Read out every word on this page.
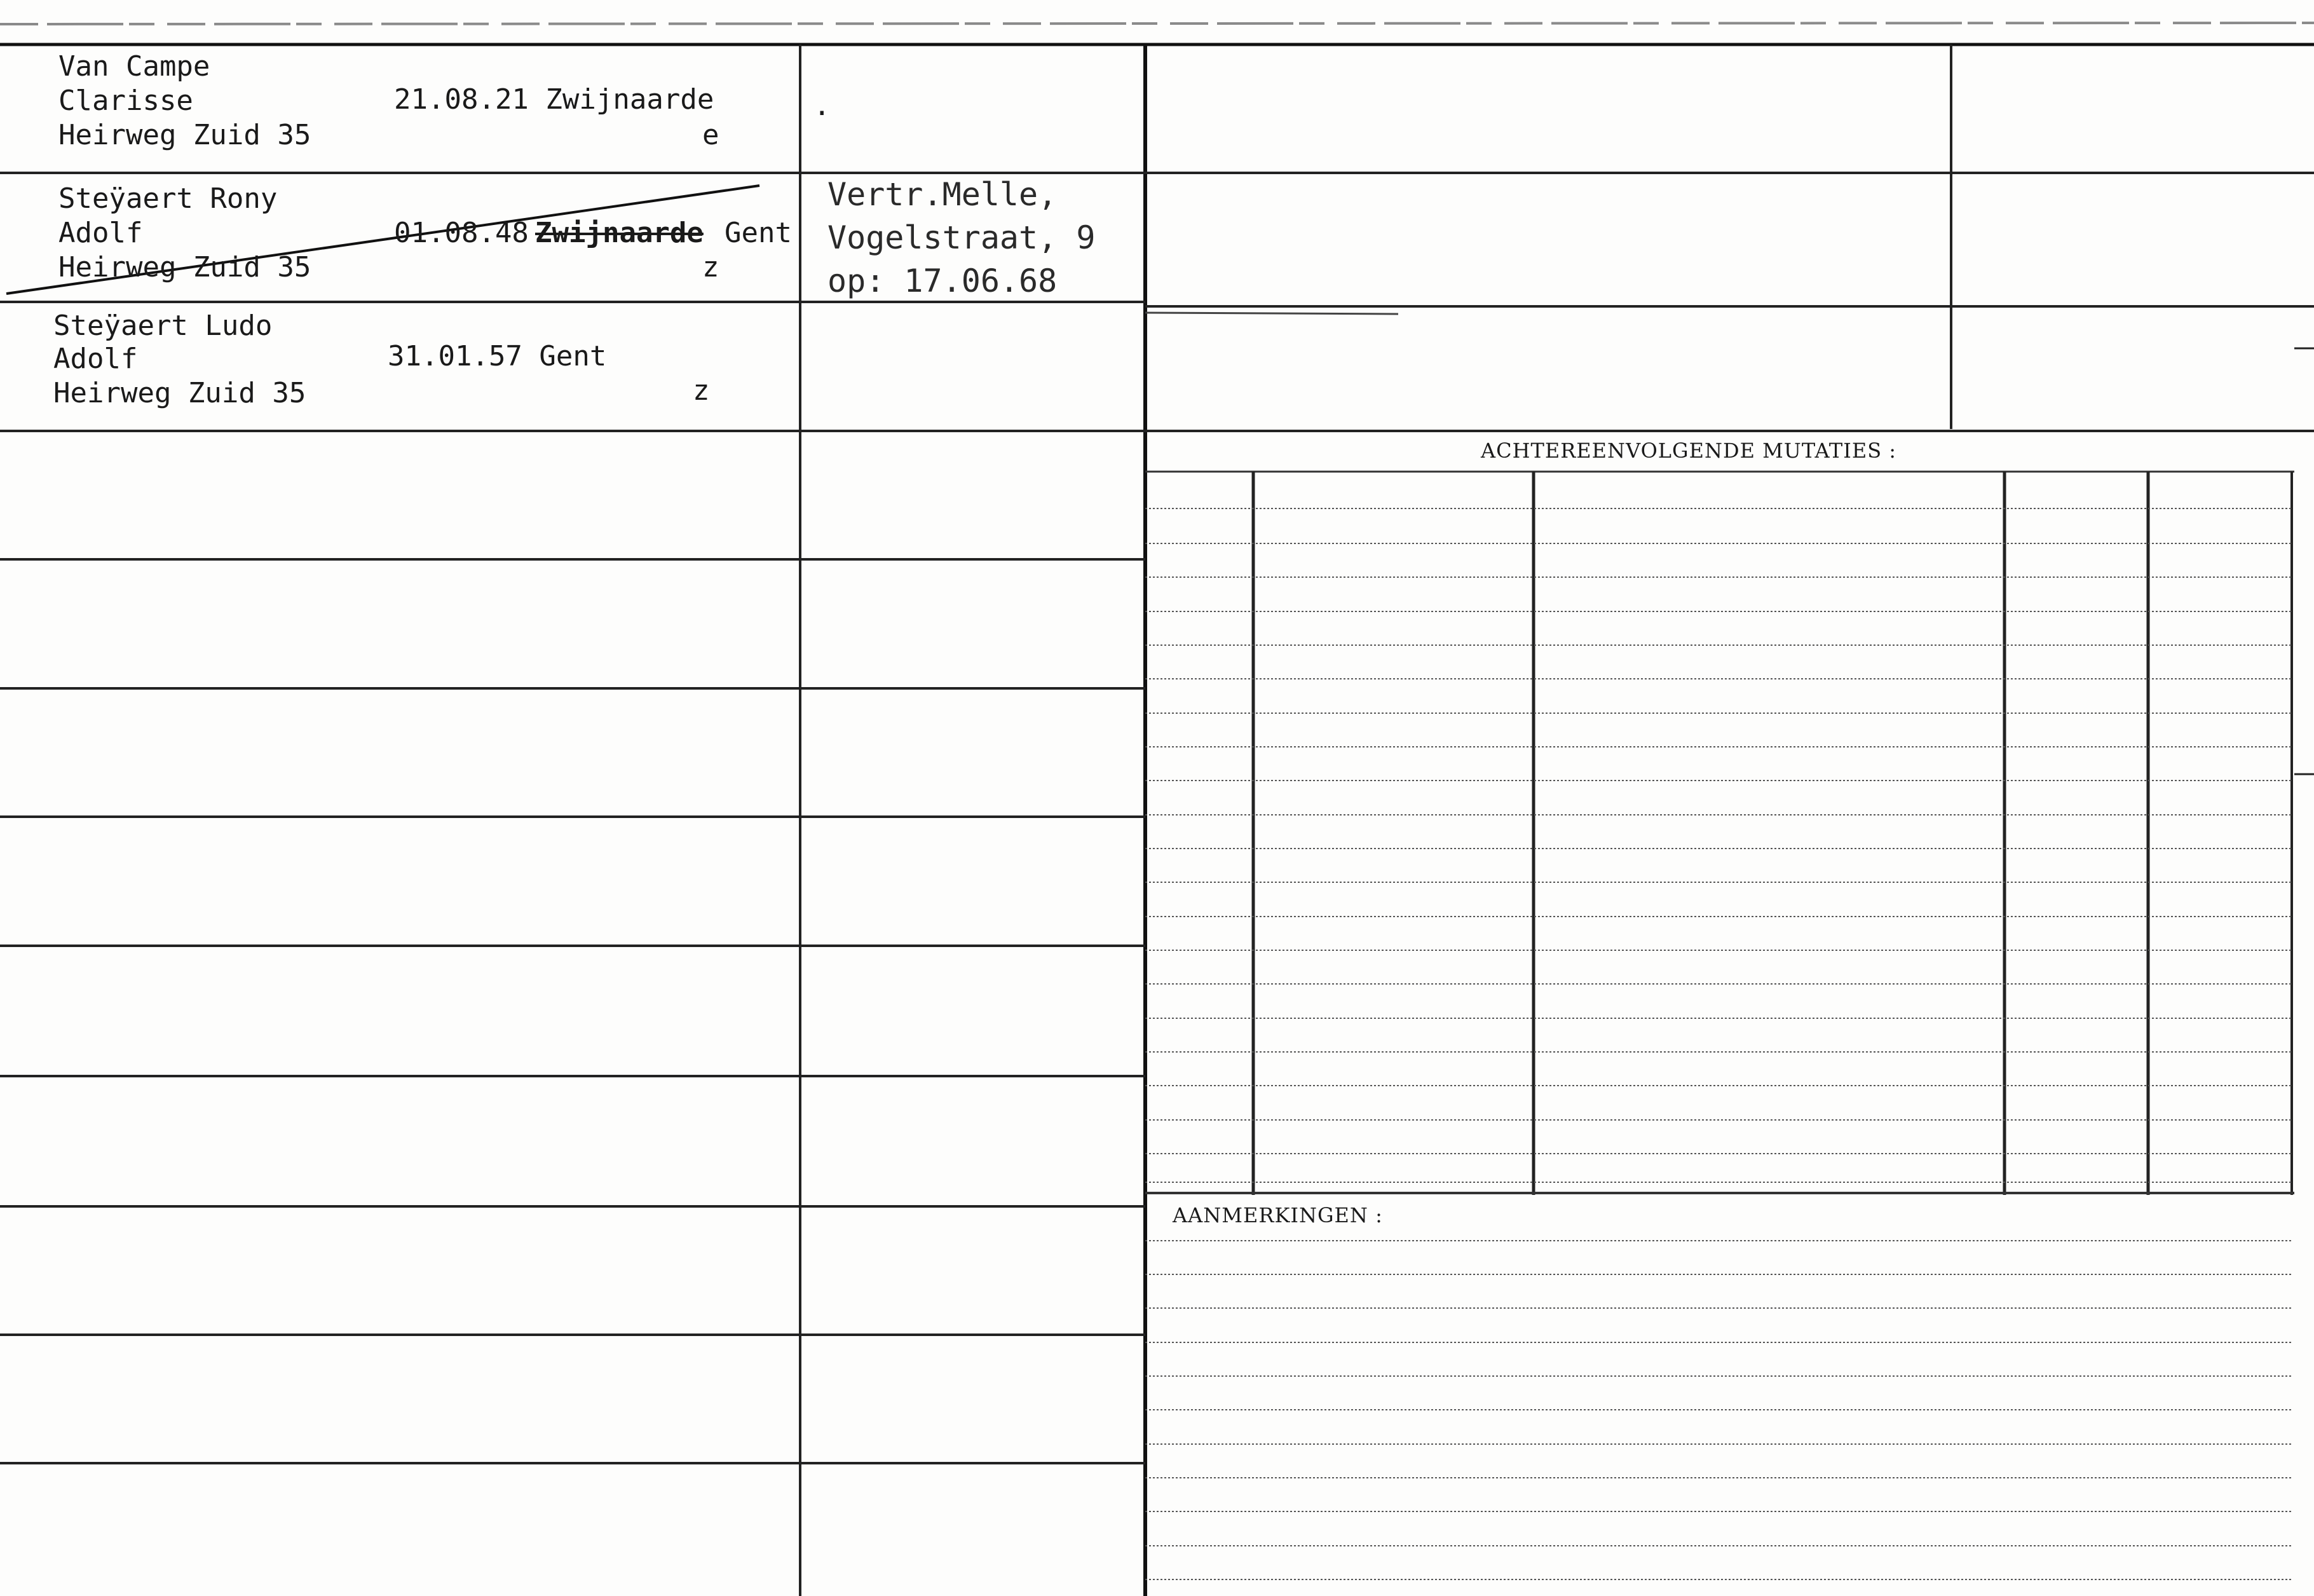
Van Campe
Clarisse
Heirweg Zuid 35
21.08.21 Zwijnaarde
e
.
Steÿaert Rony
Adolf
Heirweg Zuid 35
01.08.48 Zwijnaarde Gent
z
Vertr.Melle,
Vogelstraat, 9
op: 17.06.68
Steÿaert Ludo
Adolf
Heirweg Zuid 35
31.01.57 Gent
z
ACHTEREENVOLGENDE MUTATIES :
AANMERKINGEN :
